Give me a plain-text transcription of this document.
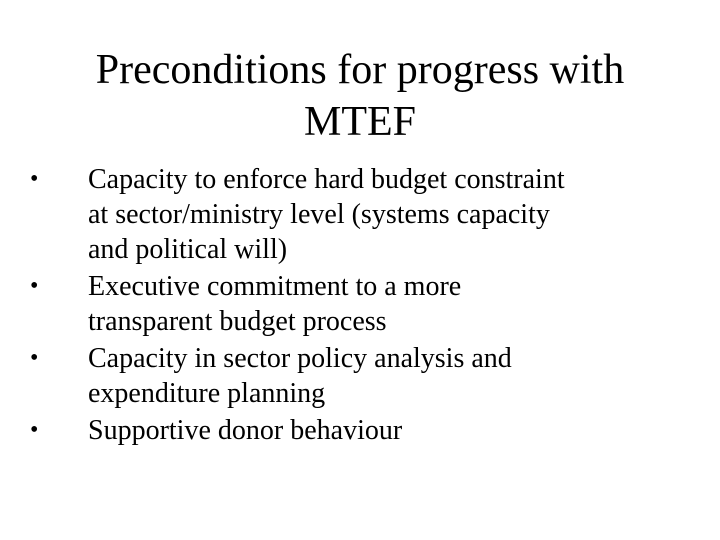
Preconditions for progress with
MTEF
•	Capacity to enforce hard budget constraint
at sector/ministry level (systems capacity
and political will)
•	Executive commitment to a more
transparent budget process
•	Capacity in sector policy analysis and
expenditure planning
•	Supportive donor behaviour
